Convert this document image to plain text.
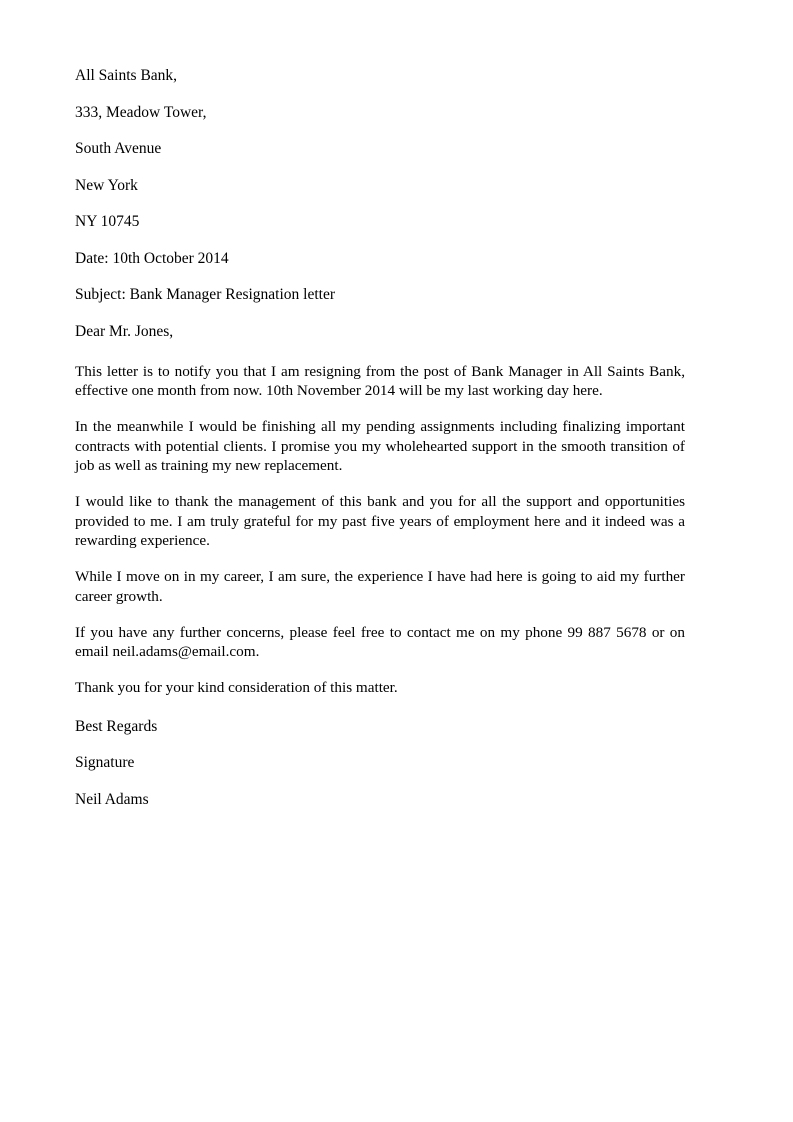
All Saints Bank,

333, Meadow Tower,

South Avenue

New York

NY 10745

Date: 10th October 2014

Subject: Bank Manager Resignation letter

Dear Mr. Jones,

This letter is to notify you that I am resigning from the post of Bank Manager in All Saints Bank, effective one month from now. 10th November 2014 will be my last working day here.

In the meanwhile I would be finishing all my pending assignments including finalizing important contracts with potential clients. I promise you my wholehearted support in the smooth transition of job as well as training my new replacement.

I would like to thank the management of this bank and you for all the support and opportunities provided to me. I am truly grateful for my past five years of employment here and it indeed was a rewarding experience.

While I move on in my career, I am sure, the experience I have had here is going to aid my further career growth.

If you have any further concerns, please feel free to contact me on my phone 99 887 5678 or on email neil.adams@email.com.

Thank you for your kind consideration of this matter.

Best Regards

Signature

Neil Adams
